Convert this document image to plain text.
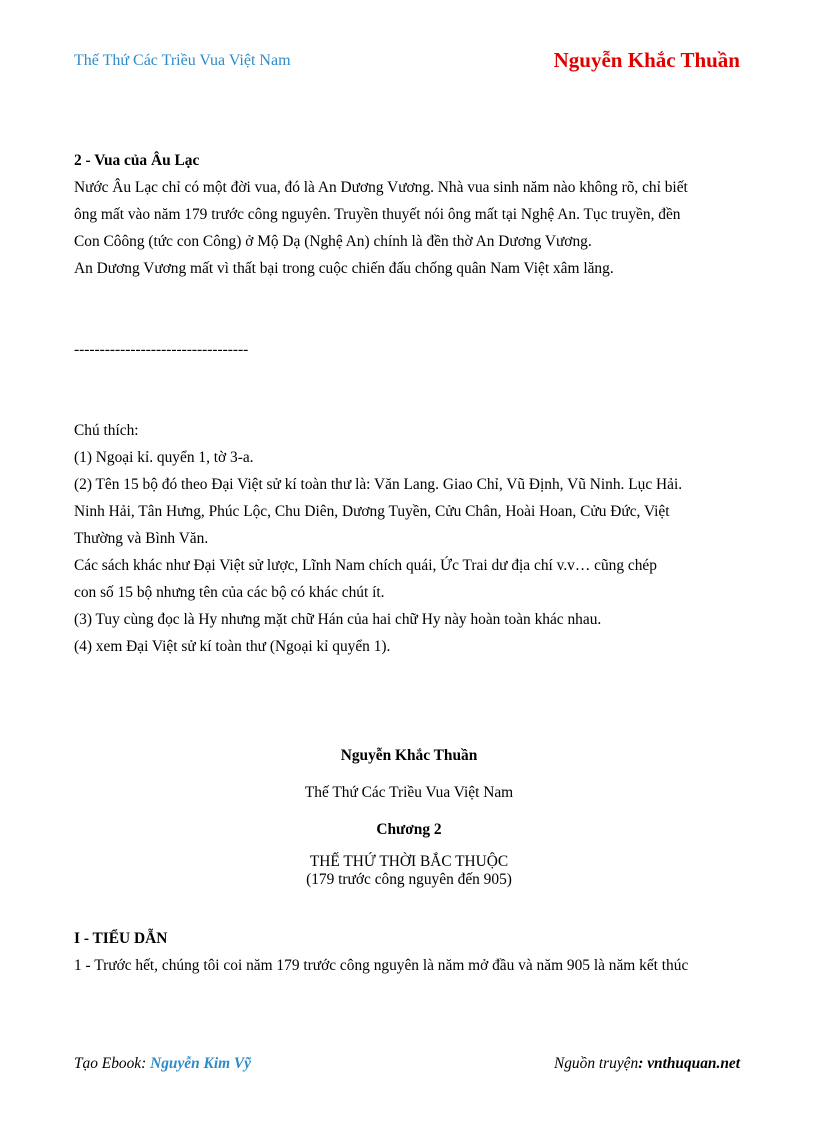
Thế Thứ Các Triều Vua Việt Nam	Nguyễn Khắc Thuần

2 - Vua của Âu Lạc

Nước Âu Lạc chỉ có một đời vua, đó là An Dương Vương. Nhà vua sinh năm nào không rõ, chỉ biết

ông mất vào năm 179 trước công nguyên. Truyền thuyết nói ông mất tại Nghệ An. Tục truyền, đền

Con Côông (tức con Công) ở Mộ Dạ (Nghệ An) chính là đền thờ An Dương Vương.

An Dương Vương mất vì thất bại trong cuộc chiến đấu chống quân Nam Việt xâm lăng.

----------------------------------

Chú thích:

(1) Ngoại kỉ. quyển 1, tờ 3-a.

(2) Tên 15 bộ đó theo Đại Việt sử kí toàn thư là: Văn Lang. Giao Chỉ, Vũ Định, Vũ Ninh. Lục Hải.

Ninh Hải, Tân Hưng, Phúc Lộc, Chu Diên, Dương Tuyền, Cửu Chân, Hoài Hoan, Cửu Đức, Việt

Thường và Bình Văn.

Các sách khác như Đại Việt sử lược, Lĩnh Nam chích quái, Ức Trai dư địa chí v.v… cũng chép

con số 15 bộ nhưng tên của các bộ có khác chút ít.

(3) Tuy cùng đọc là Hy nhưng mặt chữ Hán của hai chữ Hy này hoàn toàn khác nhau.

(4) xem Đại Việt sử kí toàn thư (Ngoại kỉ quyển 1).

Nguyễn Khắc Thuần

Thế Thứ Các Triều Vua Việt Nam

Chương 2

THẾ THỨ THỜI BẮC THUỘC

(179 trước công nguyên đến 905)

I - TIỂU DẪN

1 - Trước hết, chúng tôi coi năm 179 trước công nguyên là năm mở đầu và năm 905 là năm kết thúc

Tạo Ebook: Nguyễn Kim Vỹ	Nguồn truyện: vnthuquan.net
